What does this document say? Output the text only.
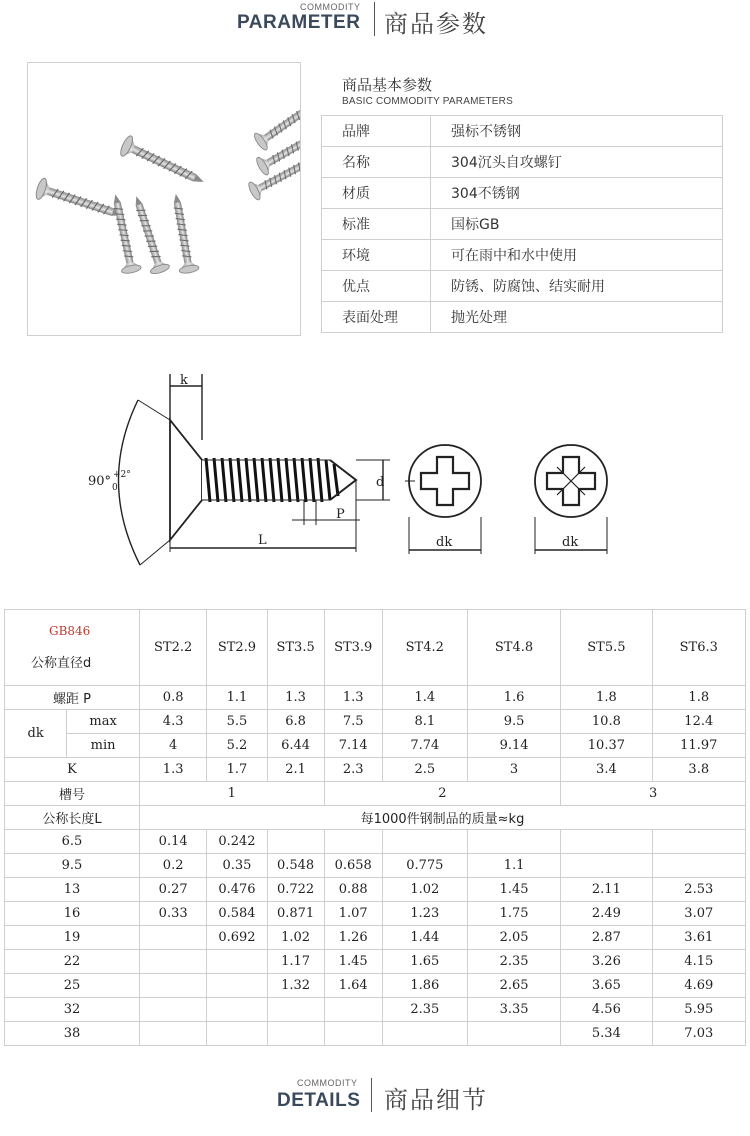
COMMODITY
PARAMETER 商品参数
商品基本参数
BASIC COMMODITY PARAMETERS
品牌	强标不锈钢
名称	304沉头自攻螺钉
材质	304不锈钢
标准	国标GB
环境	可在雨中和水中使用
优点	防锈、防腐蚀、结实耐用
表面处理	抛光处理
k
90° +2°
0	d
P
L	dk	dk
GB846
公称直径d		ST2.2	ST2.9	ST3.5	ST3.9	ST4.2	ST4.8	ST5.5	ST6.3
螺距 P		0.8	1.1	1.3	1.3	1.4	1.6	1.8	1.8
dk	max	4.3	5.5	6.8	7.5	8.1	9.5	10.8	12.4
	min	4	5.2	6.44	7.14	7.74	9.14	10.37	11.97
K		1.3	1.7	2.1	2.3	2.5	3	3.4	3.8
槽号		1			2			3	
公称长度L		每1000件钢制品的质量≈kg							
6.5		0.14	0.242						
9.5		0.2	0.35	0.548	0.658	0.775	1.1		
13		0.27	0.476	0.722	0.88	1.02	1.45	2.11	2.53
16		0.33	0.584	0.871	1.07	1.23	1.75	2.49	3.07
19			0.692	1.02	1.26	1.44	2.05	2.87	3.61
22				1.17	1.45	1.65	2.35	3.26	4.15
25				1.32	1.64	1.86	2.65	3.65	4.69
32						2.35	3.35	4.56	5.95
38								5.34	7.03
COMMODITY
DETAILS 商品细节
